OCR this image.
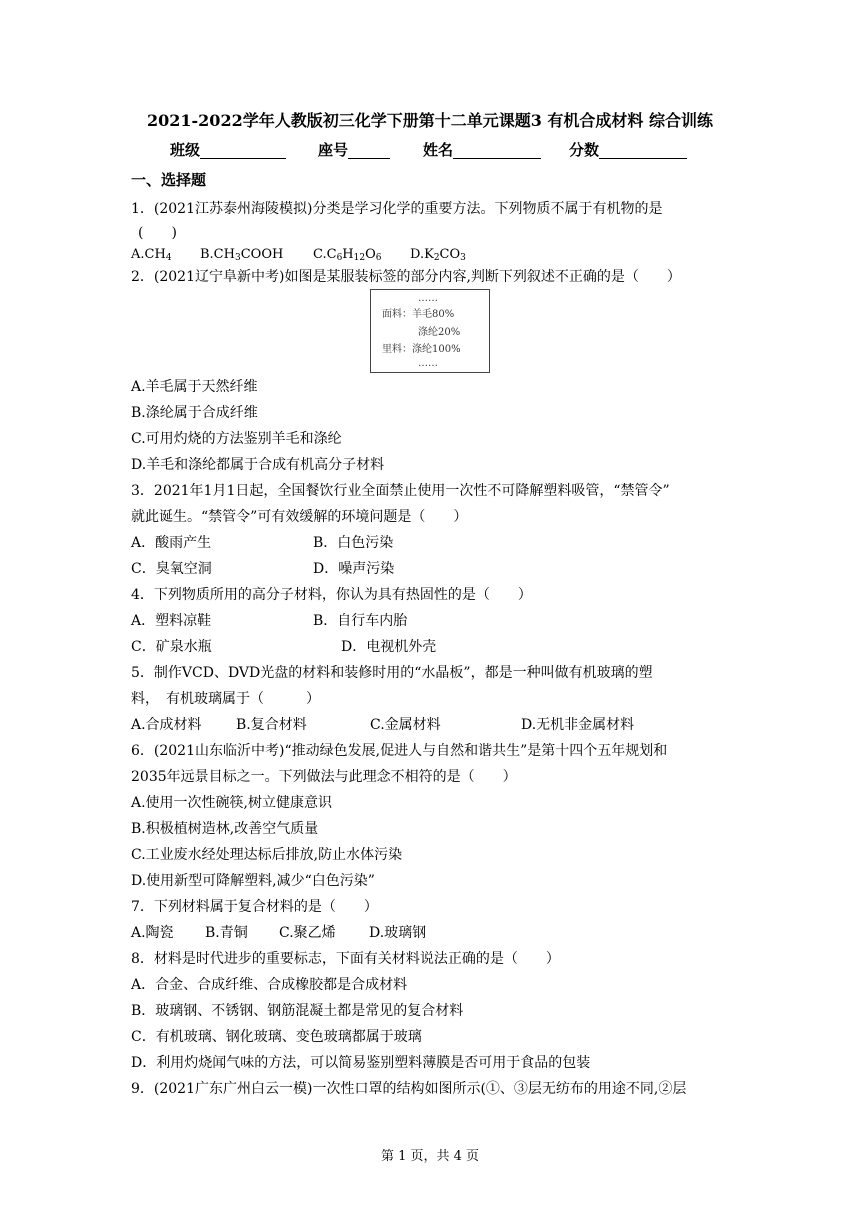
2021-2022学年人教版初三化学下册第十二单元课题3 有机合成材料 综合训练
班级	座号	姓名	分数
一、选择题
1．(2021江苏泰州海陵模拟)分类是学习化学的重要方法。下列物质不属于有机物的是
(　　)
$A.CH_4$ $B.CH_3COOH$ $C.C_6H_{12}O_6$ $D.K_2CO_3$
2．(2021辽宁阜新中考)如图是某服装标签的部分内容,判断下列叙述不正确的是（　　）
……
面料：羊毛80%
涤纶20%
里料：涤纶100%
……
A.羊毛属于天然纤维
B.涤纶属于合成纤维
C.可用灼烧的方法鉴别羊毛和涤纶
D.羊毛和涤纶都属于合成有机高分子材料
3．2021年1月1日起，全国餐饮行业全面禁止使用一次性不可降解塑料吸管，“禁管令”
就此诞生。“禁管令”可有效缓解的环境问题是（　　）
A．酸雨产生	B．白色污染
C．臭氧空洞	D．噪声污染
4．下列物质所用的高分子材料，你认为具有热固性的是（　　）
A．塑料凉鞋	B．自行车内胎
C．矿泉水瓶	D．电视机外壳
5．制作VCD、DVD光盘的材料和装修时用的“水晶板”，都是一种叫做有机玻璃的塑
料，　有机玻璃属于（　　　）
A.合成材料 B.复合材料	C.金属材料	D.无机非金属材料
6．(2021山东临沂中考)“推动绿色发展,促进人与自然和谐共生”是第十四个五年规划和
2035年远景目标之一。下列做法与此理念不相符的是（　　）
A.使用一次性碗筷,树立健康意识
B.积极植树造林,改善空气质量
C.工业废水经处理达标后排放,防止水体污染
D.使用新型可降解塑料,减少“白色污染”
7．下列材料属于复合材料的是（　　）
A.陶瓷 B.青铜 C.聚乙烯 D.玻璃钢
8．材料是时代进步的重要标志，下面有关材料说法正确的是（　　）
A．合金、合成纤维、合成橡胶都是合成材料
B．玻璃钢、不锈钢、钢筋混凝土都是常见的复合材料
C．有机玻璃、钢化玻璃、变色玻璃都属于玻璃
D．利用灼烧闻气味的方法，可以简易鉴别塑料薄膜是否可用于食品的包装
9．(2021广东广州白云一模)一次性口罩的结构如图所示(①、③层无纺布的用途不同,②层
第 1 页，共 4 页
